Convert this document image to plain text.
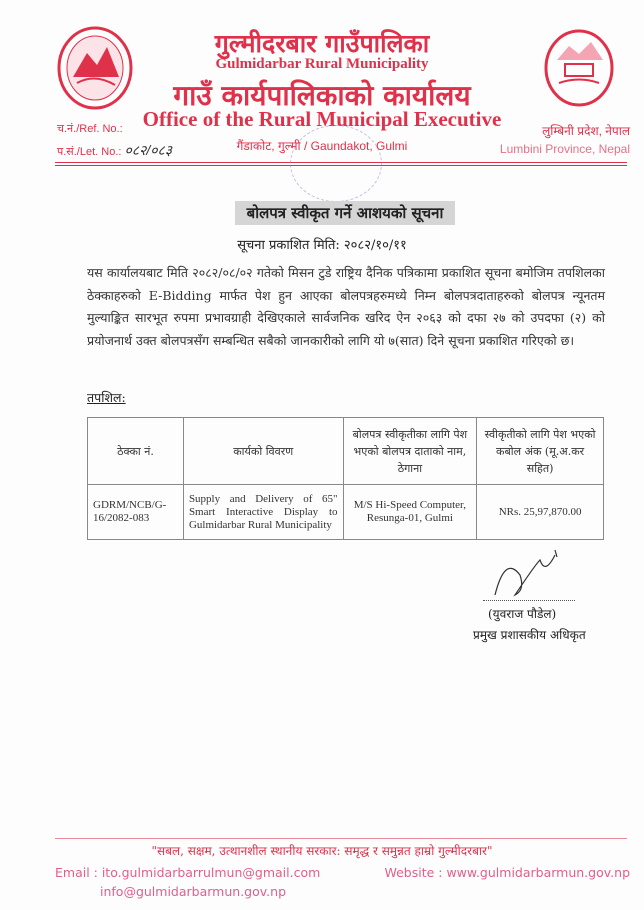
गुल्मीदरबार गाउँपालिका
Gulmidarbar Rural Municipality
गाउँ कार्यपालिकाको कार्यालय
Office of the Rural Municipal Executive
गैंडाकोट, गुल्मी / Gaundakot, Gulmi
च.नं./Ref. No.:
प.सं./Let. No.: ०८२/०८३
लुम्बिनी प्रदेश, नेपाल
Lumbini Province, Nepal
बोलपत्र स्वीकृत गर्ने आशयको सूचना
सूचना प्रकाशित मिति: २०८२/१०/११
यस कार्यालयबाट मिति २०८२/०८/०२ गतेको मिसन टुडे राष्ट्रिय दैनिक पत्रिकामा प्रकाशित सूचना बमोजिम तपशिलका ठेक्काहरुको E-Bidding मार्फत पेश हुन आएका बोलपत्रहरुमध्ये निम्न बोलपत्रदाताहरुको बोलपत्र न्यूनतम मुल्याङ्कित सारभूत रुपमा प्रभावग्राही देखिएकाले सार्वजनिक खरिद ऐन २०६३ को दफा २७ को उपदफा (२) को प्रयोजनार्थ उक्त बोलपत्रसँग सम्बन्धित सबैको जानकारीको लागि यो ७(सात) दिने सूचना प्रकाशित गरिएको छ।
तपशिल:
ठेक्का नं.	कार्यको विवरण	बोलपत्र स्वीकृतीका लागि पेश भएको बोलपत्र दाताको नाम, ठेगाना	स्वीकृतीको लागि पेश भएको कबोल अंक (मू.अ.कर सहित)
GDRM/NCB/G-16/2082-083	Supply and Delivery of 65" Smart Interactive Display to Gulmidarbar Rural Municipality	M/S Hi-Speed Computer, Resunga-01, Gulmi	NRs. 25,97,870.00
(युवराज पौडेल)
प्रमुख प्रशासकीय अधिकृत
"सबल, सक्षम, उत्थानशील स्थानीय सरकार: समृद्ध र समुन्नत हाम्रो गुल्मीदरबार"
Email : ito.gulmidarbarrulmun@gmail.com
info@gulmidarbarmun.gov.np
Website : www.gulmidarbarmun.gov.np
